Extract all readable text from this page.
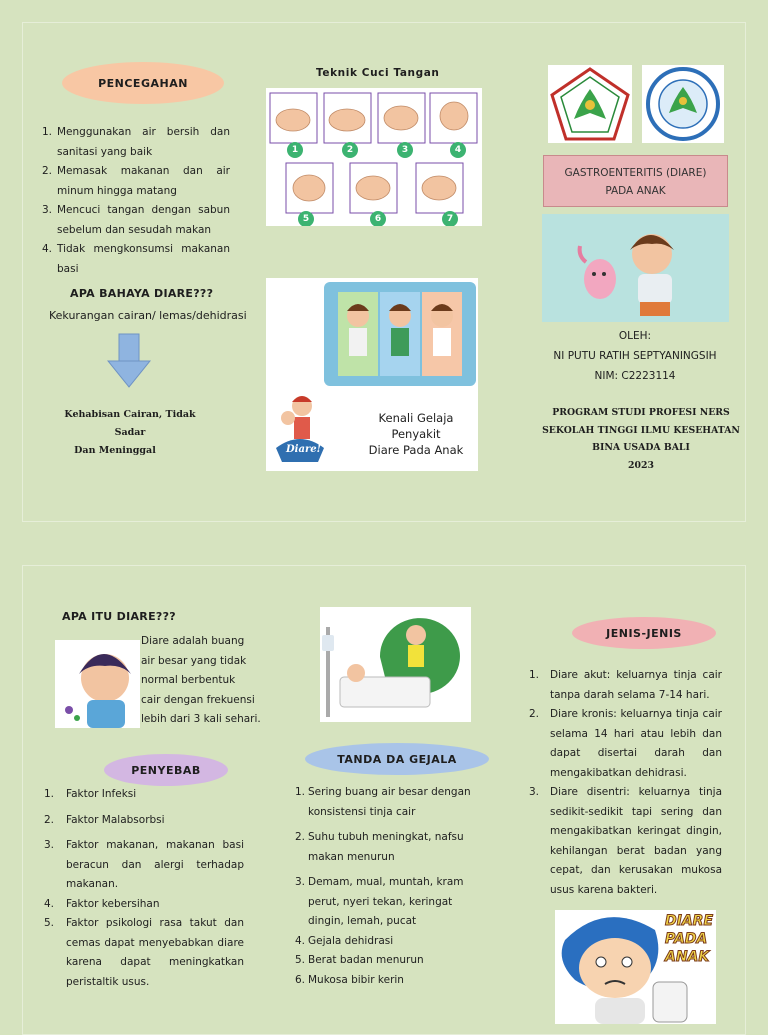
PENCEGAHAN
1. Menggunakan air bersih dan sanitasi yang baik
2. Memasak makanan dan air minum hingga matang
3. Mencuci tangan dengan sabun sebelum dan sesudah makan
4. Tidak mengkonsumsi makanan basi
APA BAHAYA DIARE???
Kekurangan cairan/ lemas/dehidrasi
Kehabisan Cairan, Tidak Sadar
Dan Meninggal
Teknik Cuci Tangan
1	2	3	4
5	6	7
Diare!
Kenali Gelaja Penyakit
Diare Pada Anak
GASTROENTERITIS (DIARE)
PADA ANAK
OLEH:
NI PUTU RATIH SEPTYANINGSIH
NIM: C2223114
PROGRAM STUDI PROFESI NERS
SEKOLAH TINGGI ILMU KESEHATAN
BINA USADA BALI
2023
APA ITU DIARE???
Diare adalah buang
air besar yang tidak
normal berbentuk
cair dengan frekuensi
lebih dari 3 kali sehari.
PENYEBAB
1. Faktor Infeksi
2. Faktor Malabsorbsi
3. Faktor makanan, makanan basi beracun dan alergi terhadap makanan.
4. Faktor kebersihan
5. Faktor psikologi rasa takut dan cemas dapat menyebabkan diare karena dapat meningkatkan peristaltik usus.
TANDA DA GEJALA
1. Sering buang air besar dengan konsistensi tinja cair
2. Suhu tubuh meningkat, nafsu makan menurun
3. Demam, mual, muntah, kram perut, nyeri tekan, keringat dingin, lemah, pucat
4. Gejala dehidrasi
5. Berat badan menurun
6. Mukosa bibir kerin
JENIS-JENIS
1. Diare akut: keluarnya tinja cair tanpa darah selama 7-14 hari.
2. Diare kronis: keluarnya tinja cair selama 14 hari atau lebih dan dapat disertai darah dan mengakibatkan dehidrasi.
3. Diare disentri: keluarnya tinja sedikit-sedikit tapi sering dan mengakibatkan keringat dingin, kehilangan berat badan yang cepat, dan kerusakan mukosa usus karena bakteri.
DIARE
PADA
ANAK
